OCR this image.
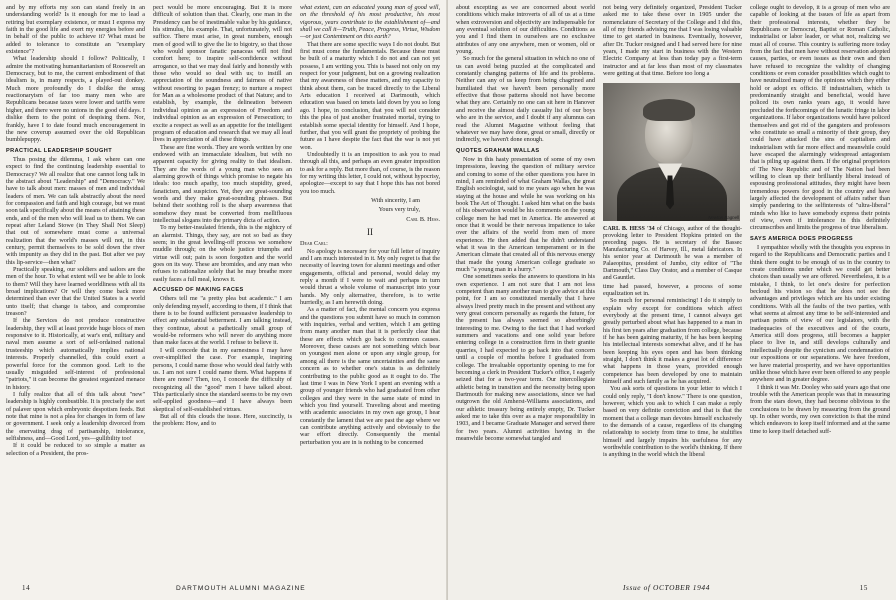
and by my efforts my son can stand freely in an understanding world? Is it enough for me to lead a retiring but exemplary existence, or must I express my faith in the good life and exert my energies before and in behalf of the public to achieve it? What must be added to tolerance to constitute an "exemplary existence"?

What leadership should I follow? Politically, I admire the motivating humanitarianism of Roosevelt an Democracy, but to me, the current embodiment of that idealism is, in many respects, a played-out donkey. Much more profoundly do I dislike the smug reactionaryism of far too many men who are Republicans because taxes were lower and tariffs were higher, and there were no unions in the good old days. I dislike them to the point of despising them. Nor, frankly, have I to date found much encouragement in the new coverup assumed over the old Republican bumblepuppy.

PRACTICAL LEADERSHIP SOUGHT

Thus posing the dilemma, I ask where can one expect to find the continuing leadership essential to Democracy? We all realize that one cannot long talk in the abstract about "Leadership" and "Democracy." We have to talk about men: masses of men and individual leaders of men. We can talk abstractly about the need for compassion and faith and high courage, but we must soon talk specifically about the means of attaining these ends, and of the men who will lead us to them. We can repeat after Leland Stowe (in They Shall Not Sleep) that out of somewhere must come a universal realization that the world's masses will not, in this century, permit themselves to be sold down the river with impunity as they did in the past. But after we pay this lip-service—then what?

Practically speaking, our soldiers and sailors are the men of the hour. To what extent will we be able to look to them? Will they have learned worldliness with all its broad implications? Or will they come back more determined than ever that the United States is a world unto itself; that change is taboo, and compromise treason?

If the Services do not produce constructive leadership, they will at least provide huge blocs of men responsive to it. Historically, at war's end, military and naval men assume a sort of self-ordained national trusteeship which automatically implies national interests. Properly channelled, this could exert a powerful force for the common good. Left to the usually misguided self-interest of professional "patriots," it can become the greatest organized menace in history.

I fully realize that all of this talk about "new" leadership is highly combustible. It is precisely the sort of palaver upon which embryonic despotism feeds. But note that mine is not a plea for changes in form of law or government. I seek only a leadership divorced from the enervating drag of partisanship, intolerance, selfishness, and—Good Lord, yes—gullibility too!

If it could be reduced to so simple a matter as selection of a President, the pros-

pect would be more encouraging. But it is more difficult of solution than that. Clearly, one man in the Presidency can be of inestimable value by his guidance, his stimulus, his example. That, unfortunately, will not suffice. There must arise, in great numbers, enough men of good will to give the lie to bigotry, so that those who would sponsor fanatic panaceas will not find comfort here; to inspire self-confidence without arrogance, so that we may deal fairly and honestly with those who would so deal with us; to instill an appreciation of the soundness and fairness of native without resorting to pagan frenzy; to nurture a respect for Man as a wholesome product of that Nature; and to establish, by example, the delineation between individual opinion as an expression of Freedom and individual opinion as an expression of Persecution; to excite a respect as well as an appetite for the intelligent program of education and research that we may all lead lives in appreciation of all these things.

These are fine words. They are words written by one endowed with an immaculate idealism, but with no apparent capacity for giving reality to that idealism. They are the words of a young man who sees an alarming growth of things which promise to negate his ideals: too much apathy, too much stupidity, greed, fanaticism, and suspicion. Yet, they are great-sounding words and they make great-sounding phrases. But behind their soothing roll is the sharp awareness that somehow they must be converted from mellifluous intellectual slogans into the primary dicta of action.

To my better-insulated friends, this is the nightcry of an alarmist. Things, they say, are not so bad as they seem; in the great levelling-off process we somehow muddle through; on the whole justice triumphs and virtue will out; pain is soon forgotten and the world goes on its way. These are bromides, and any man who refuses to rationalize solely that he may breathe more easily faces a full meal, knows it.

ACCUSED OF MAKING FACES

Others tell me "a pretty plea but academic." I am only defending myself, according to them, if I think that there is to be found sufficient persuasive leadership to effect any substantial betterment. I am talking instead, they continue, about a pathetically small group of would-be reformers who will never do anything more than make faces at the world. I refuse to believe it.

I will concede that in my earnestness I may have over-simplified the case. For example, inspiring persons, I could name those who would deal fairly with us. I am not sure I could name them. What happens if there are none? Then, too, I concede the difficulty of recognizing all the "good" men I have talked about. This particularly since the standard seems to be my own self-applied goodness—and I have always been skeptical of self-established virtues.

But all of this clouds the issue. Here, succinctly, is the problem: How, and to

what extent, can an educated young man of good will, on the threshold of his most productive, his most vigorous, years contribute to the establishment of—and shall we call it—Truth, Peace, Progress, Virtue, Wisdom—or just Contentment on this earth?

That there are some specific ways I do not doubt. But first must come the fundamentals. Because these must be built of a maturity which I do not and can not yet possess, I am writing you. This is based not only on my respect for your judgment, but on a growing realization that my awareness of these matters, and my capacity to think about them, can be traced directly to the Liberal Arts education I received at Dartmouth, which education was based on tenets laid down by you so long ago. I hope, in conclusion, that you will not consider this the plea of just another frustrated mortal, trying to establish some special identity for himself. And I hope, further, that you will grant the propriety of probing the future as I have despite the fact that the war is not yet won.

Undoubtedly it is an imposition to ask you to read through all this, and perhaps an even greater imposition to ask for a reply. But more than, of course, is the reason for my writing this letter, I could not, without hypocrisy, apologize—except to say that I hope this has not bored you too much.

With sincerity, I am
Yours very truly,
Carl B. Hess.
II
Dear Carl:

No apology is necessary for your full letter of inquiry and I am much interested in it. My only regret is that the necessity of leaving town for alumni meetings and other engagements, official and personal, would delay my reply a month if I were to wait and perhaps in turn would thrust a whole volume of manuscript into your hands. My only alternative, therefore, is to write hurriedly, as I am herewith doing.

As a matter of fact, the mental concern you express and the questions you submit have so much in common with inquiries, verbal and written, which I am getting from many another man that it is perfectly clear that these are effects which go back to common causes. Moreover, these causes are not something which bear on youngest men alone or upon any single group, for among all there is the same uncertainties and the same concern as to whether one's status is as definitely contributing to the public good as it ought to do. The last time I was in New York I spent an evening with a group of younger friends who had graduated from other colleges and they were in the same state of mind in which you find yourself. Traveling about and meeting with academic associates in my own age group, I hear constantly the lament that we are past the age where we can contribute anything actively and obviously to the war effort directly. Consequently the mental perturbation you are in is nothing to be concerned

14	DARTMOUTH ALUMNI MAGAZINE

about excepting as we are concerned about world conditions which make introverts of all of us at a time when extroversion and objectivity are indispensable for any eventual solution of our difficulties. Conditions as you and I find them in ourselves are no exclusive attributes of any one anywhere, men or women, old or young.

So much for the general situation in which no one of us can avoid being puzzled at the complicated and constantly changing patterns of life and its problems. Neither can any of us keep from being chagrined and humiliated that we haven't been personally more effective that those patterns should not have become what they are. Certainly no one can sit here in Hanover and receive the almost daily casualty list of our boys who are in the service, and I doubt if any alumnus can read the Alumni Magazine without feeling that whatever we may have done, great or small, directly or indirectly, we haven't done enough.

QUOTES GRAHAM WALLAS

Now in this hasty presentation of some of my own impressions, leaving the question of military service and coming to some of the other questions you have in mind, I am reminded of what Graham Wallas, the great English sociologist, said to me years ago when he was staying at the house and while he was working on his book The Art of Thought. I asked him what on the basis of his observation would be his comments on the young college men he had met in America. He answered at once that it would be their nervous impatience to take over the affairs of the world from men of more experience. He then added that he didn't understand what it was in the American temperament or in the American climate that created all of this nervous energy that made the young American college graduate so much "a young man in a hurry."

One sometimes seeks the answers to questions in his own experience. I am not sure that I am not less competent than many another man to give advice at this point, for I am so constituted mentally that I have always lived pretty much in the present and without any very great concern personally as regards the future, for the present has always seemed so absorbingly interesting to me. Owing to the fact that I had worked summers and vacations and one solid year before entering college in a construction firm in their granite quarries, I had expected to go back into that concern until a couple of months before I graduated from college. The invaluable opportunity opening to me for becoming a clerk in President Tucker's office, I eagerly seized that for a two-year term. Our intercollegiate athletic being in transition and the necessity being upon Dartmouth for making new associations, since we had outgrown the old Amherst-Williams associations, and our athletic treasury being entirely empty, Dr. Tucker asked me to take this over as a major responsibility in 1903, and I became Graduate Manager and served there for two years. Alumni activities having in the meanwhile become somewhat tangled and

not being very definitely organized, President Tucker asked me to take these over in 1905 under the nomenclature of Secretary of the College and I did this, all of my friends advising me that I was losing valuable time to get started in business. Eventually, however, after Dr. Tucker resigned and I had served here for nine years, I made my start in business with the Western Electric Company at less than today pay a first-term instructor and at far less than most of my classmates were getting at that time. Before too long a

Newton Bagnell

CARL B. HESS '34 of Chicago, author of the thought-provoking letter to President Hopkins printed on the preceding pages. He is secretary of the Bassec Manufacturing Co. of Harvey, Ill., metal fabricators. In his senior year at Dartmouth he was a member of Palaeopitus, president of Jumbo, city editor of "The Dartmouth," Class Day Orator, and a member of Casque and Gauntlet.

time had passed, however, a process of some equalization set in.

So much for personal reminiscing! I do it simply to explain why except for conditions which affect everybody at the present time, I cannot always get greatly perturbed about what has happened to a man in his first ten years after graduation from college, because if he has been gaining maturity, if he has been keeping his intellectual interests somewhat alive, and if he has been keeping his eyes open and has been thinking straight, I don't think it makes a great lot of difference what happens in those years, provided enough competence has been developed by one to maintain himself and such family as he has acquired.

You ask sorts of questions in your letter to which I could only reply, "I don't know." There is one question, however, which you ask to which I can make a reply based on very definite conviction and that is that the moment that a college man devotes himself exclusively to the demands of a cause, regardless of its changing relationship to society from time to time, he stultifies himself and largely impairs his usefulness for any worthwhile contribution to the world's thinking. If there is anything in the world which the liberal

college ought to develop, it is a group of men who are capable of looking at the issues of life as apart from their professional interests, whether they be Republicans or Democrat, Baptist or Roman Catholic, industrialist or labor leader, or what not, realizing we must all of course. This country is suffering more today from the fact that men have without reservation adopted causes, parties, or even issues as their own and then have refused to recognize the validity of changing conditions or even consider possibilities which ought to have neutralized many of the opinions which they either hold or adopt ex officio. If industrialism, which is predominantly straight and beneficial, would have policed its own ranks years ago, it would have precluded the forthcomings of the lunatic fringe in labor organizations. If labor organizations would have policed themselves and got rid of the gangsters and professors who constitute so small a minority of their group, they could have attacked the sins of capitalism and industrialism with far more effect and meanwhile could have escaped the alarmingly widespread antagonism that is piling up against them. If the original proprietors of The New Republic and of The Nation had been willing to clean up their brilliantly liberal instead of espousing professional attitudes, they might have been tremendous powers for good in the country and have largely affected the development of affairs rather than simply pandering to the selfinterests of "ultra-liberal" minds who like to have somebody express their points of view, even if intolerance in this definitely circumscribes and limits the progress of true liberalism.

SAYS AMERICA DOES PROGRESS

I sympathize wholly with the thoughts you express in regard to the Republicans and Democratic parties and I think there ought to be enough of us in the country to create conditions under which we could get better choices than usually we are offered. Nevertheless, it is a mistake, I think, to let one's desire for perfection becloud his vision so that he does not see the advantages and privileges which are his under existing conditions. With all the faults of the two parties, with what seems at almost any time to be self-interested and partisan points of view of our legislators, with the inadequacies of the executives and of the courts, America still does progress, still becomes a happier place to live in, and still develops culturally and intellectually despite the cynicism and condemnation of our expositions or our separations. We have freedom, we have material prosperity, and we have opportunities unlike those which have ever been offered to any people anywhere and in greater degree.

I think it was Mr. Dooley who said years ago that one trouble with the American people was that in measuring from the stars down, they had become oblivious to the conclusions to be drawn by measuring from the ground up. In other words, my own conviction is that the mind which endeavors to keep itself informed and at the same time to keep itself detached suff-

Issue of OCTOBER 1944	15
